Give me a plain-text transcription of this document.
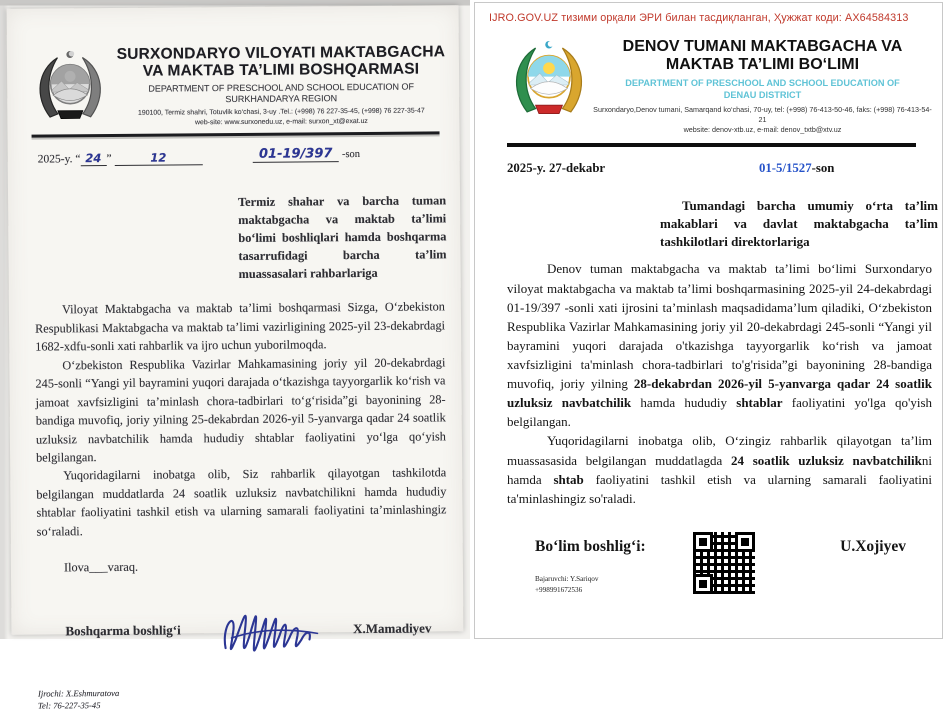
SURXONDARYO VILOYATI MAKTABGACHA
VA MAKTAB TA’LIMI BOSHQARMASI
DEPARTMENT OF PRESCHOOL AND SCHOOL EDUCATION OF
SURKHANDARYA REGION
190100, Termiz shahri, Totuvlik ko‘chasi, 3-uy .Tel.: (+998) 76 227-35-45, (+998) 76 227-35-47
web-site: www.surxonedu.uz, e-mail: surxon_xt@exat.uz
2025-y. “ 24 ”	12	01-19/397 -son
Termiz shahar va barcha tuman maktabgacha va maktab ta’limi bo‘limi boshliqlari hamda boshqarma tasarrufidagi barcha ta’lim muassasalari rahbarlariga

Viloyat Maktabgacha va maktab ta’limi boshqarmasi Sizga, O‘zbekiston Respublikasi Maktabgacha va maktab ta’limi vazirligining 2025-yil 23-dekabrdagi 1682-xdfu-sonli xati rahbarlik va ijro uchun yuborilmoqda.

O‘zbekiston Respublika Vazirlar Mahkamasining joriy yil 20-dekabrdagi 245-sonli “Yangi yil bayramini yuqori darajada o‘tkazishga tayyorgarlik ko‘rish va jamoat xavfsizligini ta’minlash chora-tadbirlari to‘g‘risida”gi bayonining 28-bandiga muvofiq, joriy yilning 25-dekabrdan 2026-yil 5-yanvarga qadar 24 soatlik uzluksiz navbatchilik hamda hududiy shtablar faoliyatini yo‘lga qo‘yish belgilangan.

Yuqoridagilarni inobatga olib, Siz rahbarlik qilayotgan tashkilotda belgilangan muddatlarda 24 soatlik uzluksiz navbatchilikni hamda hududiy shtablar faoliyatini tashkil etish va ularning samarali faoliyatini ta’minlashingiz so‘raladi.

Ilova___varaq.
Boshqarma boshlig‘i	X.Mamadiyev
Ijrochi: X.Eshmuratova
Tel: 76-227-35-45
IJRO.GOV.UZ тизими орқали ЭРИ билан тасдиқланган, Ҳужжат коди: AX64584313
DENOV TUMANI MAKTABGACHA VA
MAKTAB TA’LIMI BO‘LIMI
DEPARTMENT OF PRESCHOOL AND SCHOOL EDUCATION OF
DENAU DISTRICT
Surxondaryo,Denov tumani, Samarqand ko‘chasi, 70-uy, tel: (+998) 76-413-50-46, faks: (+998) 76-413-54-21
website: denov-xtb.uz, e-mail: denov_txtb@xtv.uz
2025-y. 27-dekabr	01-5/1527-son
Tumandagi barcha umumiy o‘rta ta’lim makablari va davlat maktabgacha ta’lim tashkilotlari direktorlariga

Denov tuman maktabgacha va maktab ta’limi bo‘limi Surxondaryo viloyat maktabgacha va maktab ta’limi boshqarmasining 2025-yil 24-dekabrdagi 01-19/397 -sonli xati ijrosini ta’minlash maqsadidama’lum qiladiki, O‘zbekiston Respublika Vazirlar Mahkamasining joriy yil 20-dekabrdagi 245-sonli “Yangi yil bayramini yuqori darajada o'tkazishga tayyorgarlik ko‘rish va jamoat xavfsizligini ta'minlash chora-tadbirlari to'g'risida”gi bayonining 28-bandiga muvofiq, joriy yilning 28-dekabrdan 2026-yil 5-yanvarga qadar 24 soatlik uzluksiz navbatchilik hamda hududiy shtablar faoliyatini yo'lga qo'yish belgilangan.

Yuqoridagilarni inobatga olib, O‘zingiz rahbarlik qilayotgan ta’lim muassasasida belgilangan muddatlagda 24 soatlik uzluksiz navbatchilikni hamda shtab faoliyatini tashkil etish va ularning samarali faoliyatini ta'minlashingiz so'raladi.

Bo‘lim boshlig‘i:	U.Xojiyev
Bajaruvchi: Y.Sariqov
+998991672536
